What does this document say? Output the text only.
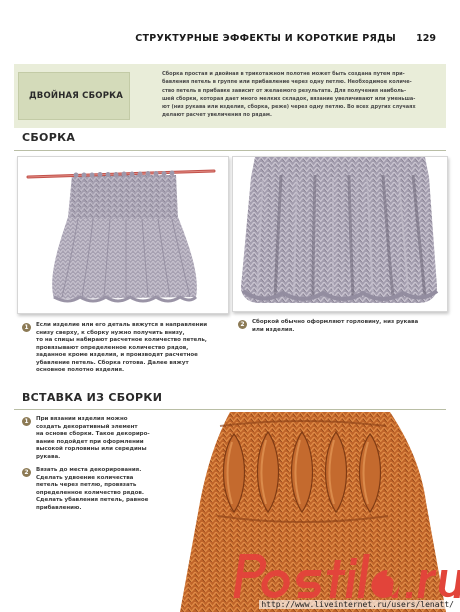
СТРУКТУРНЫЕ ЭФФЕКТЫ И КОРОТКИЕ РЯДЫ 129
ДВОЙНАЯ СБОРКА
Сборка простая и двойная в трикотажном полотне может быть создана путем при-
бавления петель в группе или прибавление через одну петлю. Необходимое количе-
ство петель в прибавке зависит от желаемого результата. Для получения наиболь-
шей сборки, которая дает много мелких складок, вязание увеличивают или уменьша-
ют (низ рукава или изделия, сборка, реже) через одну петлю. Во всех других случаях
делают расчет увеличения по рядам.
СБОРКА
1	Если изделие или его деталь вяжутся в направлении
снизу сверху, к сборку нужно получить внизу,
то на спицы набирают расчетное количество петель,
провязывают определенное количество рядов,
заданное кроме изделия, и производят расчетное
убавление петель. Сборка готова. Далее вяжут
основное полотно изделия.
2	Сборкой обычно оформляют горловину, низ рукава
или изделия.
ВСТАВКА ИЗ СБОРКИ
1	При вязании изделия можно
создать декоративный элемент
на основе сборки. Такое декориро-
вание подойдет при оформлении
высокой горловины или середины
рукава.
2	Вязать до места декорирования.
Сделать удвоение количества
петель через петлю, провязать
определенное количество рядов.
Сделать убавления петель, равное
прибавлению.
http://www.liveinternet.ru/users/lenatt/
